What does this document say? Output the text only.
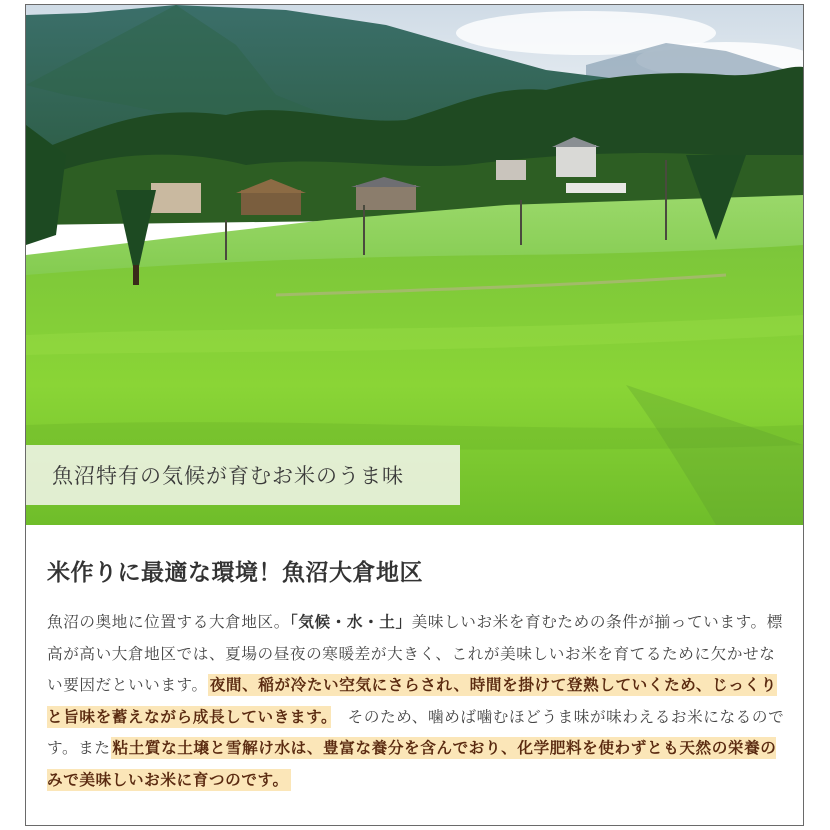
魚沼特有の気候が育むお米のうま味
米作りに最適な環境！魚沼大倉地区
魚沼の奥地に位置する大倉地区。「気候・水・土」美味しいお米を育むための条件が揃っています。標高が高い大倉地区では、夏場の昼夜の寒暖差が大きく、これが美味しいお米を育てるために欠かせない要因だといいます。 夜間、稲が冷たい空気にさらされ、時間を掛けて登熟していくため、じっくりと旨味を蓄えながら成長していきます。　 そのため、噛めば噛むほどうま味が味わえるお米になるのです。また 粘土質な土壌と雪解け水は、豊富な養分を含んでおり、化学肥料を使わずとも天然の栄養のみで美味しいお米に育つのです。
